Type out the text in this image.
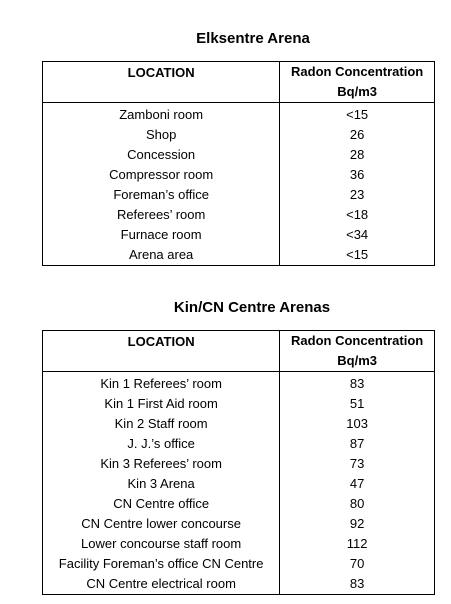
Elksentre Arena
LOCATION	Radon Concentration
Bq/m3

Zamboni room	<15
Shop	26
Concession	28
Compressor room	36
Foreman’s office	23
Referees’ room	<18
Furnace room	<34
Arena area	<15
Kin/CN Centre Arenas
LOCATION	Radon Concentration
Bq/m3

Kin 1 Referees’ room	83
Kin 1 First Aid room	51
Kin 2 Staff room	103
J. J.’s office	87
Kin 3 Referees’ room	73
Kin 3 Arena	47
CN Centre office	80
CN Centre lower concourse	92
Lower concourse staff room	112
Facility Foreman’s office CN Centre	70
CN Centre electrical room	83
